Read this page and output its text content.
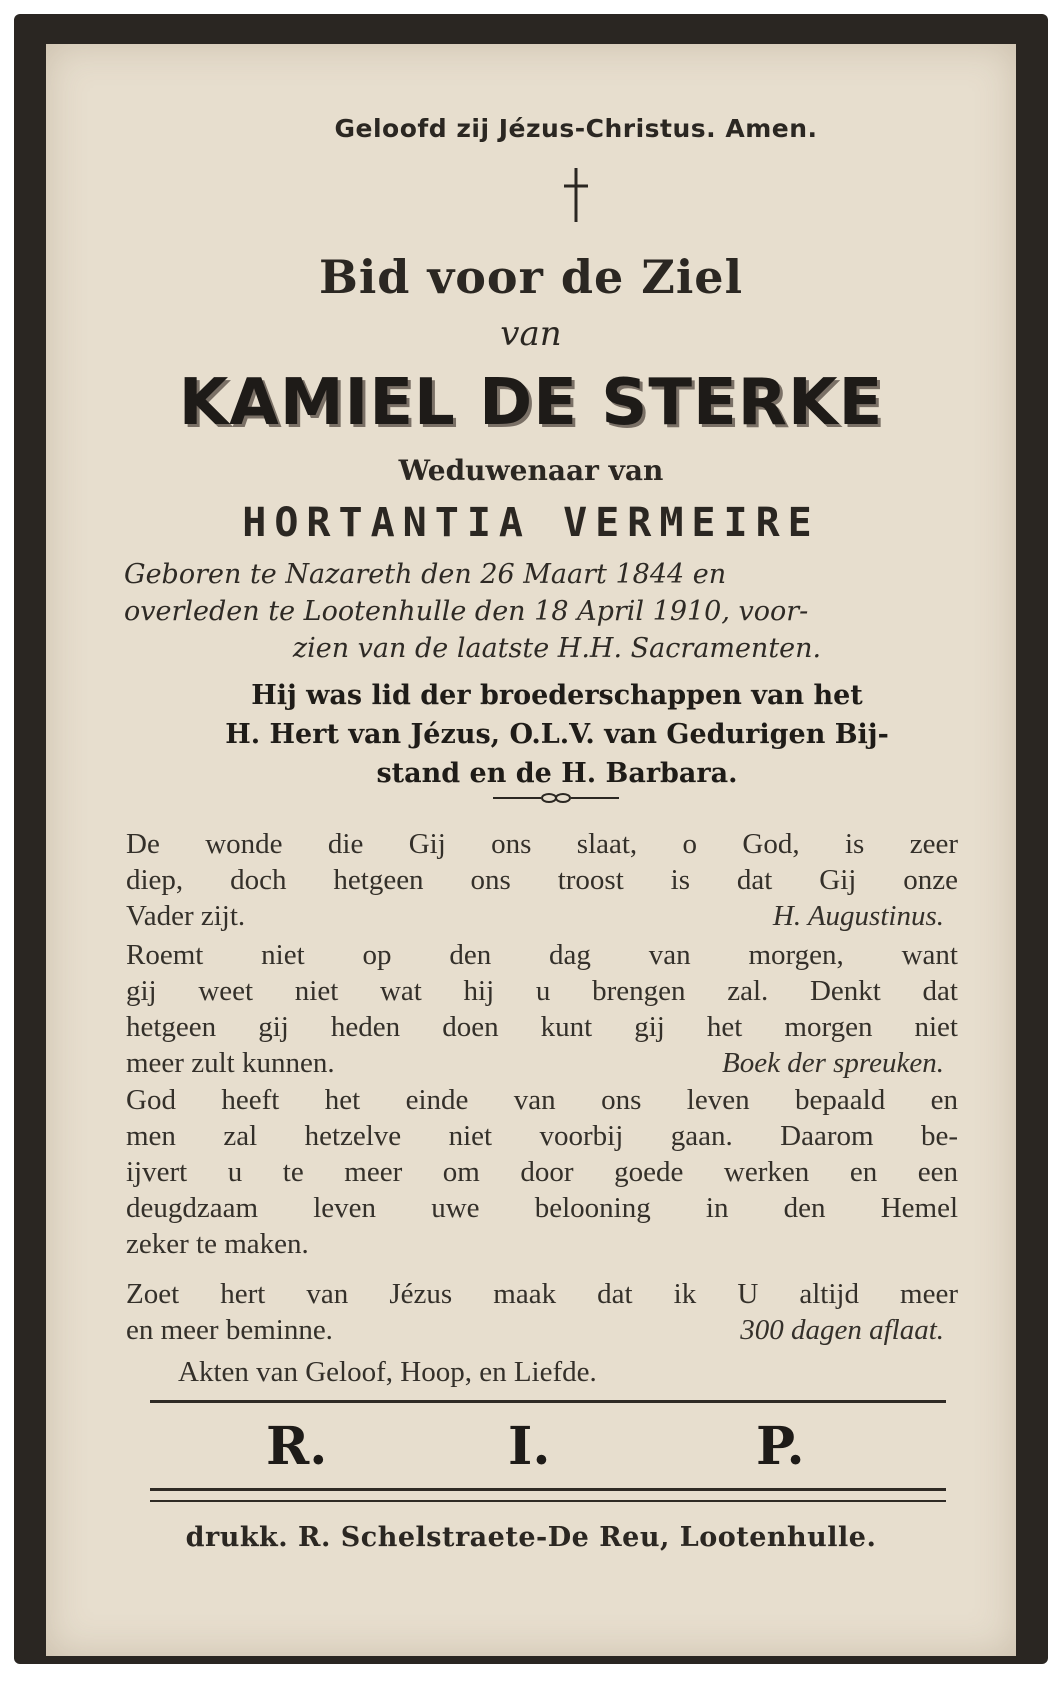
Geloofd zij Jézus-Christus. Amen.
Bid voor de Ziel
van
KAMIEL DE STERKE
Weduwenaar van
HORTANTIA VERMEIRE
Geboren te Nazareth den 26 Maart 1844 en
overleden te Lootenhulle den 18 April 1910, voor-
zien van de laatste H.H. Sacramenten.
Hij was lid der broederschappen van het
H. Hert van Jézus, O.L.V. van Gedurigen Bij-
stand en de H. Barbara.
De wonde die Gij ons slaat, o God, is zeer
diep, doch hetgeen ons troost is dat Gij onze
Vader zijt.	H. Augustinus.
Roemt niet op den dag van morgen, want
gij weet niet wat hij u brengen zal. Denkt dat
hetgeen gij heden doen kunt gij het morgen niet
meer zult kunnen.	Boek der spreuken.
God heeft het einde van ons leven bepaald en
men zal hetzelve niet voorbij gaan. Daarom be-
ijvert u te meer om door goede werken en een
deugdzaam leven uwe belooning in den Hemel
zeker te maken.
Zoet hert van Jézus maak dat ik U altijd meer
en meer beminne.	300 dagen aflaat.
Akten van Geloof, Hoop, en Liefde.
R.	I.	P.
drukk. R. Schelstraete-De Reu, Lootenhulle.
